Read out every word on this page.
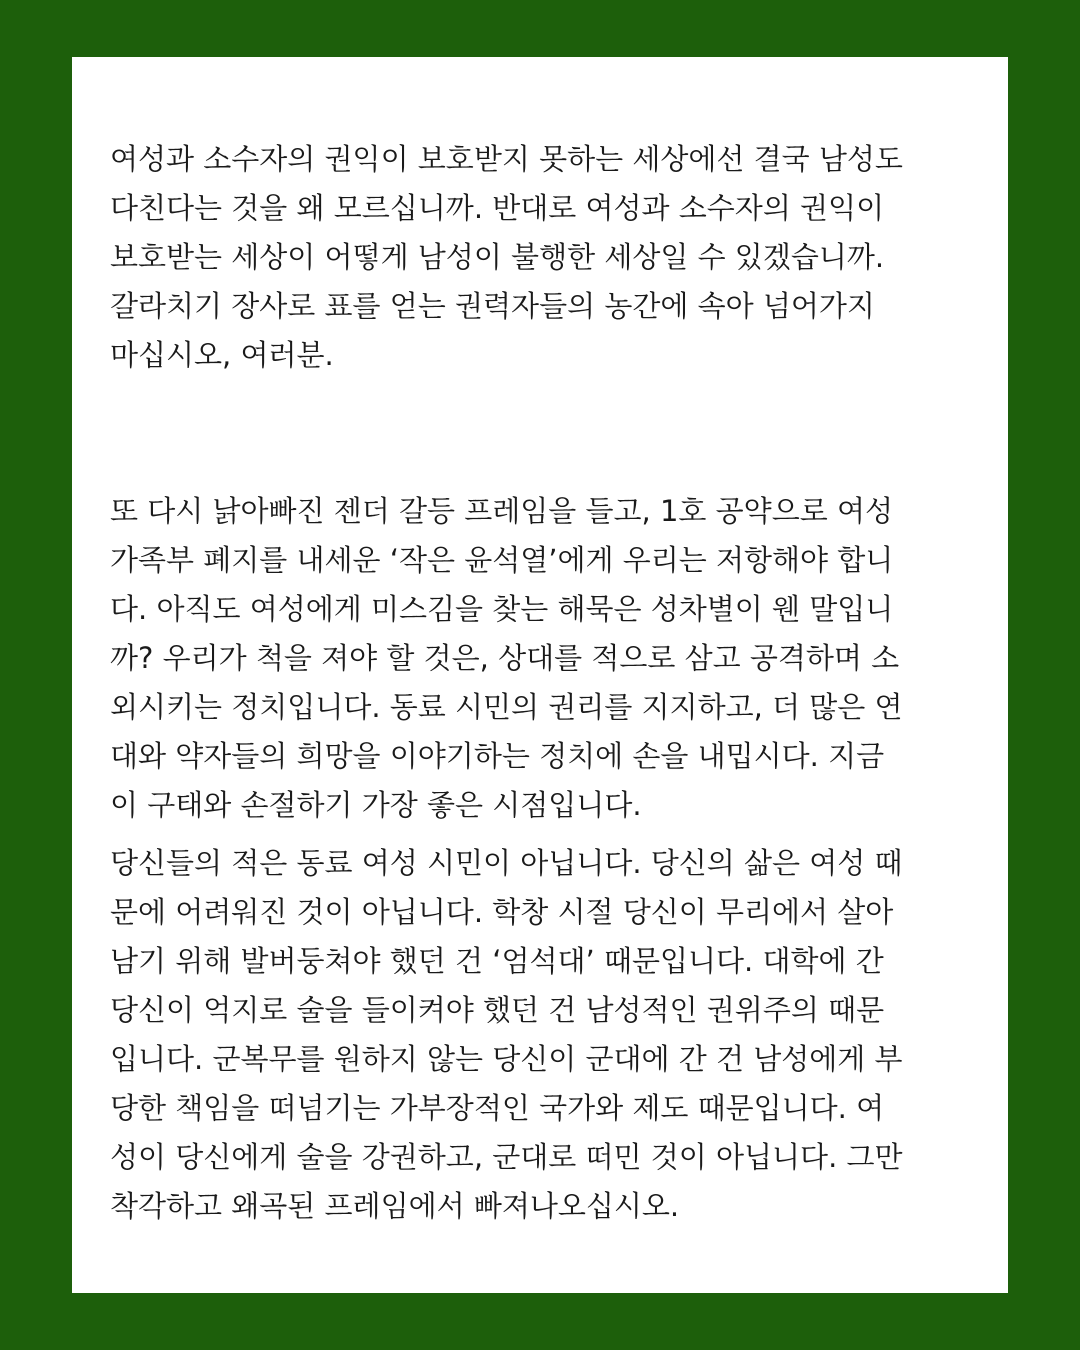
여성과 소수자의 권익이 보호받지 못하는 세상에선 결국 남성도
다친다는 것을 왜 모르십니까. 반대로 여성과 소수자의 권익이
보호받는 세상이 어떻게 남성이 불행한 세상일 수 있겠습니까.
갈라치기 장사로 표를 얻는 권력자들의 농간에 속아 넘어가지
마십시오, 여러분.
또 다시 낡아빠진 젠더 갈등 프레임을 들고, 1호 공약으로 여성
가족부 폐지를 내세운 ‘작은 윤석열’에게 우리는 저항해야 합니
다. 아직도 여성에게 미스김을 찾는 해묵은 성차별이 웬 말입니
까? 우리가 척을 져야 할 것은, 상대를 적으로 삼고 공격하며 소
외시키는 정치입니다. 동료 시민의 권리를 지지하고, 더 많은 연
대와 약자들의 희망을 이야기하는 정치에 손을 내밉시다. 지금
이 구태와 손절하기 가장 좋은 시점입니다.
당신들의 적은 동료 여성 시민이 아닙니다. 당신의 삶은 여성 때
문에 어려워진 것이 아닙니다. 학창 시절 당신이 무리에서 살아
남기 위해 발버둥쳐야 했던 건 ‘엄석대’ 때문입니다. 대학에 간
당신이 억지로 술을 들이켜야 했던 건 남성적인 권위주의 때문
입니다. 군복무를 원하지 않는 당신이 군대에 간 건 남성에게 부
당한 책임을 떠넘기는 가부장적인 국가와 제도 때문입니다. 여
성이 당신에게 술을 강권하고, 군대로 떠민 것이 아닙니다. 그만
착각하고 왜곡된 프레임에서 빠져나오십시오.
